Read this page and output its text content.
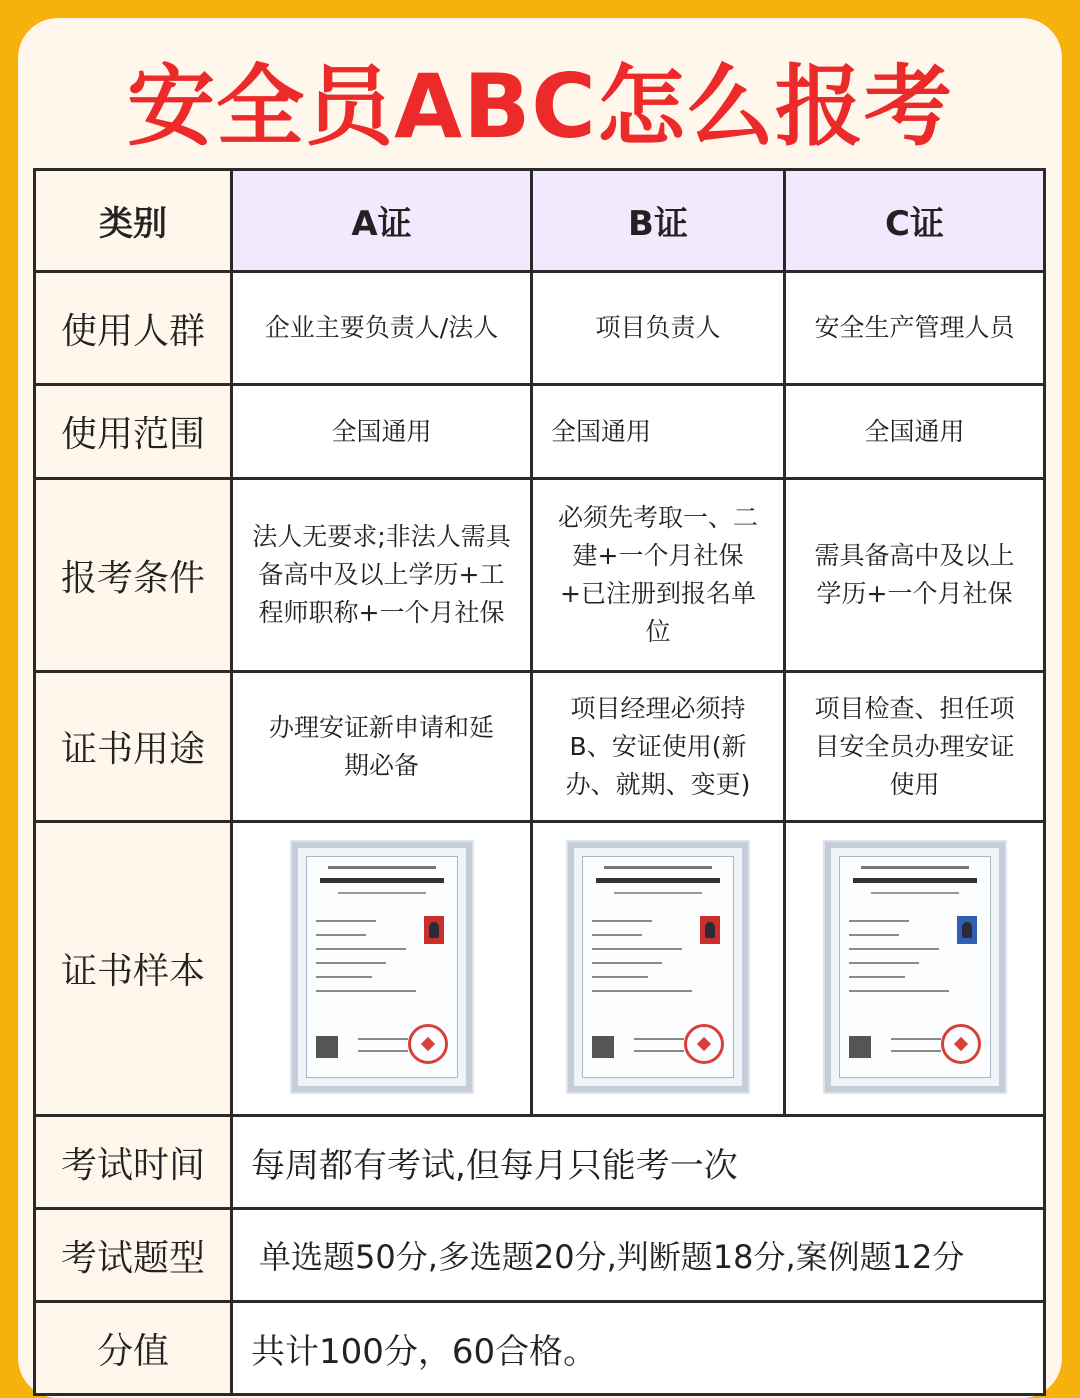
安全员ABC怎么报考
类别	A证	B证	C证
使用人群	企业主要负责人/法人	项目负责人	安全生产管理人员
使用范围	全国通用	全国通用	全国通用
报考条件	法人无要求;非法人需具备高中及以上学历+工程师职称+一个月社保	必须先考取一、二建+一个月社保+已注册到报名单位	需具备高中及以上学历+一个月社保
证书用途	办理安证新申请和延期必备	项目经理必须持B、安证使用(新办、就期、变更)	项目检查、担任项目安全员办理安证使用
证书样本	

考试时间	每周都有考试,但每月只能考一次		
考试题型	单选题50分,多选题20分,判断题18分,案例题12分		
分值	共计100分，60合格。		
